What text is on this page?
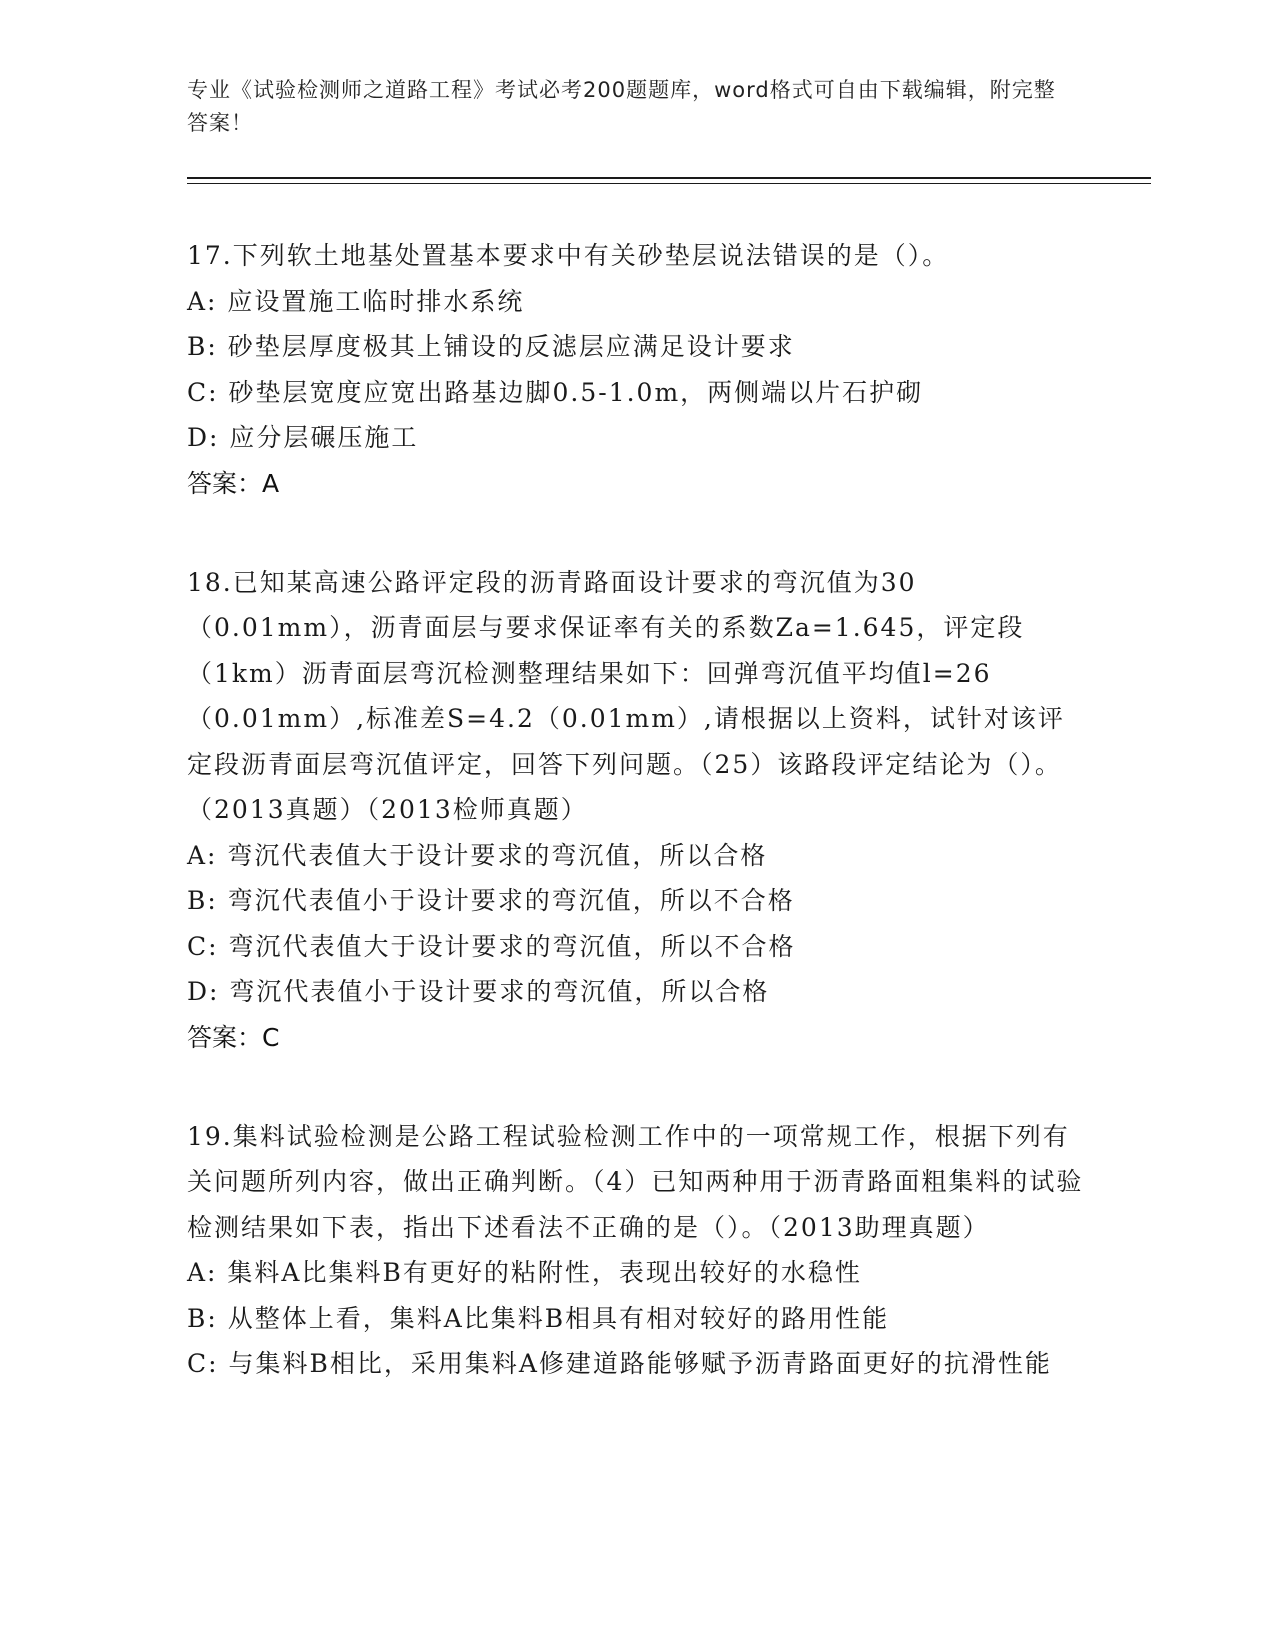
专业《试验检测师之道路工程》考试必考200题题库，word格式可自由下载编辑，附完整答案！

17.下列软土地基处置基本要求中有关砂垫层说法错误的是（）。

A: 应设置施工临时排水系统

B: 砂垫层厚度极其上铺设的反滤层应满足设计要求

C: 砂垫层宽度应宽出路基边脚0.5-1.0m，两侧端以片石护砌

D: 应分层碾压施工

答案：A

18.已知某高速公路评定段的沥青路面设计要求的弯沉值为30（0.01mm），沥青面层与要求保证率有关的系数Za=1.645，评定段（1km）沥青面层弯沉检测整理结果如下：回弹弯沉值平均值l=26（0.01mm）,标准差S=4.2（0.01mm）,请根据以上资料，试针对该评定段沥青面层弯沉值评定，回答下列问题。（25）该路段评定结论为（）。（2013真题）（2013检师真题）

A: 弯沉代表值大于设计要求的弯沉值，所以合格

B: 弯沉代表值小于设计要求的弯沉值，所以不合格

C: 弯沉代表值大于设计要求的弯沉值，所以不合格

D: 弯沉代表值小于设计要求的弯沉值，所以合格

答案：C

19.集料试验检测是公路工程试验检测工作中的一项常规工作，根据下列有关问题所列内容，做出正确判断。（4）已知两种用于沥青路面粗集料的试验检测结果如下表，指出下述看法不正确的是（）。（2013助理真题）

A: 集料A比集料B有更好的粘附性，表现出较好的水稳性

B: 从整体上看，集料A比集料B相具有相对较好的路用性能

C: 与集料B相比，采用集料A修建道路能够赋予沥青路面更好的抗滑性能
